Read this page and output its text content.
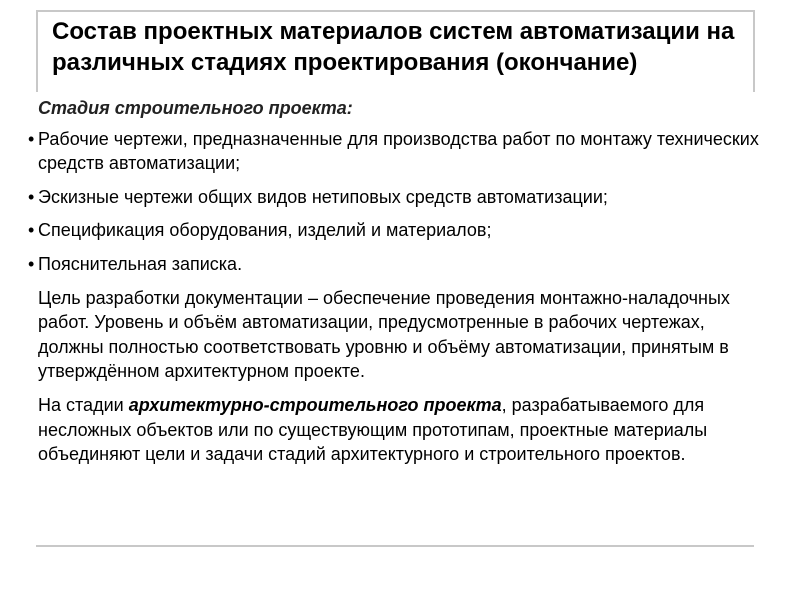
Состав проектных материалов систем автоматизации на различных стадиях проектирования (окончание)

Стадия строительного проекта:

• Рабочие чертежи, предназначенные для производства работ по монтажу технических средств автоматизации;
• Эскизные чертежи общих видов нетиповых средств автоматизации;
• Спецификация оборудования, изделий и материалов;
• Пояснительная записка.

Цель разработки документации – обеспечение проведения монтажно-наладочных работ. Уровень и объём автоматизации, предусмотренные в рабочих чертежах, должны полностью соответствовать уровню и объёму автоматизации, принятым в утверждённом архитектурном проекте.

На стадии архитектурно-строительного проекта, разрабатываемого для несложных объектов или по существующим прототипам, проектные материалы объединяют цели и задачи стадий архитектурного и строительного проектов.
